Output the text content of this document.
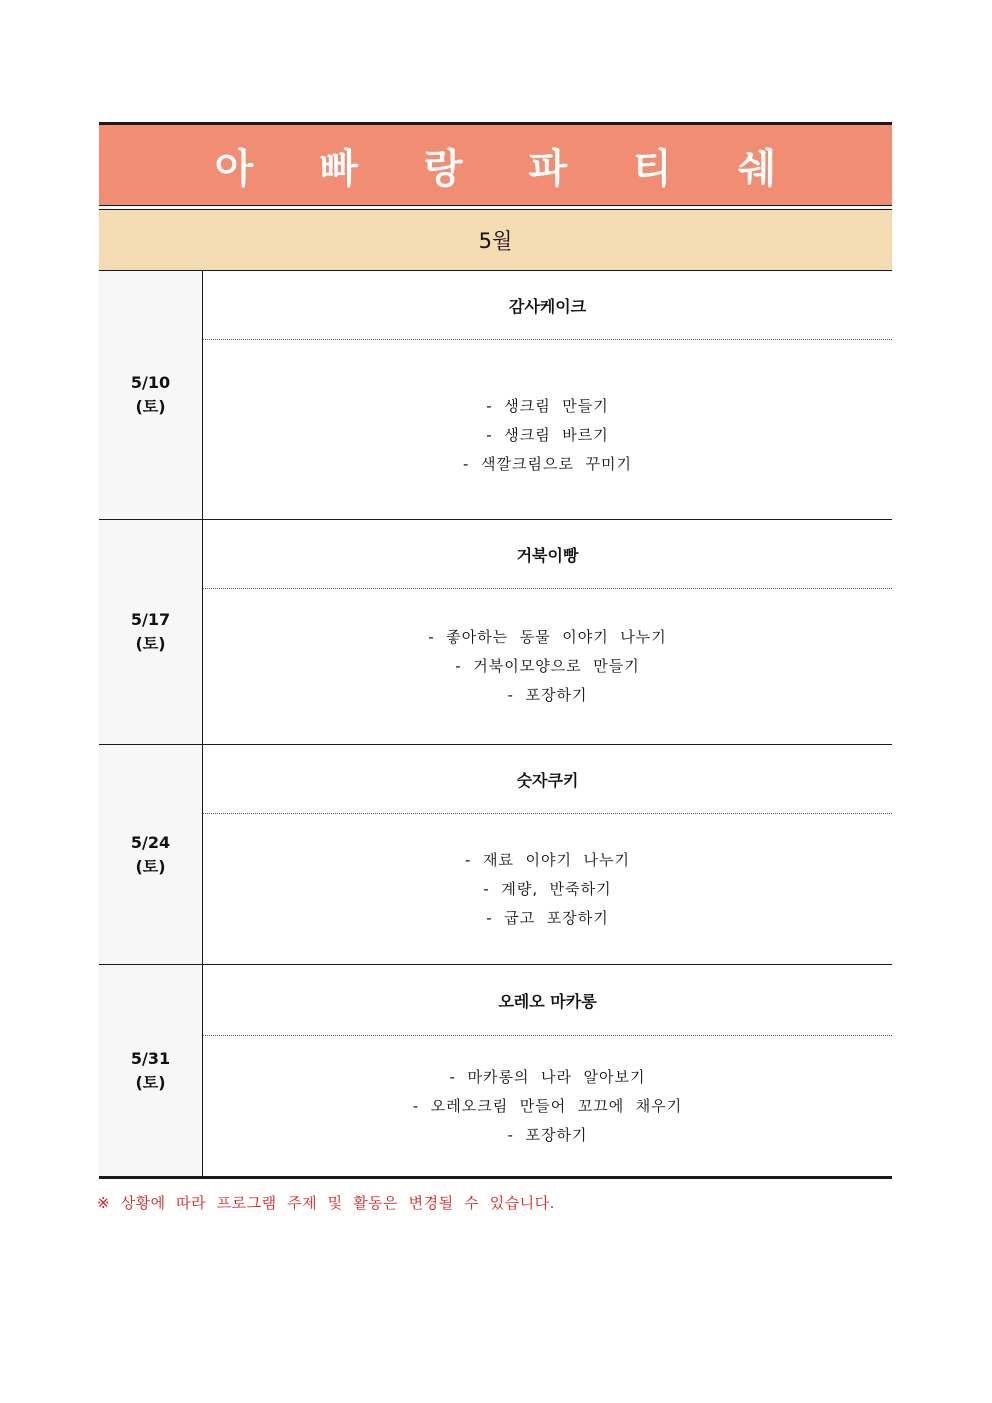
아 빠 랑 파 티 쉐
5월
5/10
(토)
감사케이크
-  생크림  만들기
-  생크림  바르기
-  색깔크림으로  꾸미기
5/17
(토)
거북이빵
-  좋아하는  동물  이야기  나누기
-  거북이모양으로  만들기
-  포장하기
5/24
(토)
숫자쿠키
-  재료  이야기  나누기
-  계량,  반죽하기
-  굽고  포장하기
5/31
(토)
오레오 마카롱
-  마카롱의  나라  알아보기
-  오레오크림  만들어  꼬끄에  채우기
-  포장하기
※  상황에  따라  프로그램  주제  및  활동은  변경될  수  있습니다.
